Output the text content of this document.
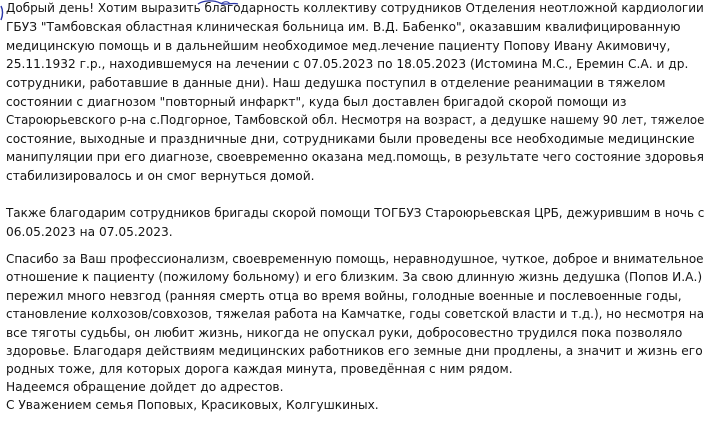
Добрый день! Хотим выразить благодарность коллективу сотрудников Отделения неотложной кардиологии
ГБУЗ "Тамбовская областная клиническая больница им. В.Д. Бабенко", оказавшим квалифицированную
медицинскую помощь и в дальнейшим необходимое мед.лечение пациенту Попову Ивану Акимовичу,
25.11.1932 г.р., находившемуся на лечении с 07.05.2023 по 18.05.2023 (Истомина М.С., Еремин С.А. и др.
сотрудники, работавшие в данные дни). Наш дедушка поступил в отделение реанимации в тяжелом
состоянии с диагнозом "повторный инфаркт", куда был доставлен бригадой скорой помощи из
Староюрьевского р-на с.Подгорное, Тамбовской обл. Несмотря на возраст, а дедушке нашему 90 лет, тяжелое
состояние, выходные и праздничные дни, сотрудниками были проведены все необходимые медицинские
манипуляции при его диагнозе, своевременно оказана мед.помощь, в результате чего состояние здоровья
стабилизировалось и он смог вернуться домой.
Также благодарим сотрудников бригады скорой помощи ТОГБУЗ Староюрьевская ЦРБ, дежурившим в ночь с
06.05.2023 на 07.05.2023.
Спасибо за Ваш профессионализм, своевременную помощь, неравнодушное, чуткое, доброе и внимательное
отношение к пациенту (пожилому больному) и его близким. За свою длинную жизнь дедушка (Попов И.А.)
пережил много невзгод (ранняя смерть отца во время войны, голодные военные и послевоенные годы,
становление колхозов/совхозов, тяжелая работа на Камчатке, годы советской власти и т.д.), но несмотря на
все тяготы судьбы, он любит жизнь, никогда не опускал руки, добросовестно трудился пока позволяло
здоровье. Благодаря действиям медицинских работников его земные дни продлены, а значит и жизнь его
родных тоже, для которых дорога каждая минута, проведённая с ним рядом.
Надеемся обращение дойдет до адрестов.
С Уважением семья Поповых, Красиковых, Колгушкиных.
